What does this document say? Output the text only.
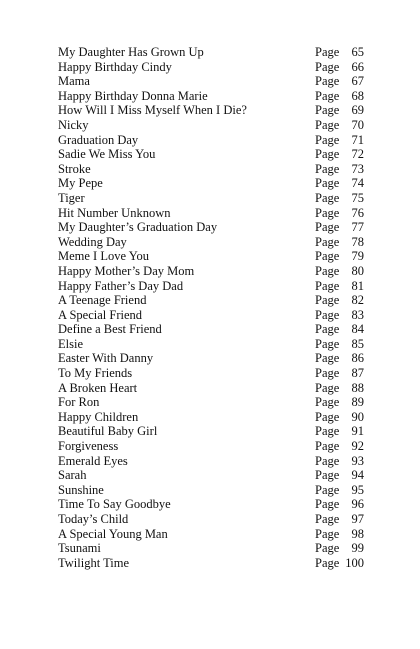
My Daughter Has Grown Up	Page 65
Happy Birthday Cindy	Page 66
Mama	Page 67
Happy Birthday Donna Marie	Page 68
How Will I Miss Myself When I Die?	Page 69
Nicky	Page 70
Graduation Day	Page 71
Sadie We Miss You	Page 72
Stroke	Page 73
My Pepe	Page 74
Tiger	Page 75
Hit Number Unknown	Page 76
My Daughter’s Graduation Day	Page 77
Wedding Day	Page 78
Meme I Love You	Page 79
Happy Mother’s Day Mom	Page 80
Happy Father’s Day Dad	Page 81
A Teenage Friend	Page 82
A Special Friend	Page 83
Define a Best Friend	Page 84
Elsie	Page 85
Easter With Danny	Page 86
To My Friends	Page 87
A Broken Heart	Page 88
For Ron	Page 89
Happy Children	Page 90
Beautiful Baby Girl	Page 91
Forgiveness	Page 92
Emerald Eyes	Page 93
Sarah	Page 94
Sunshine	Page 95
Time To Say Goodbye	Page 96
Today’s Child	Page 97
A Special Young Man	Page 98
Tsunami	Page 99
Twilight Time	Page 100
